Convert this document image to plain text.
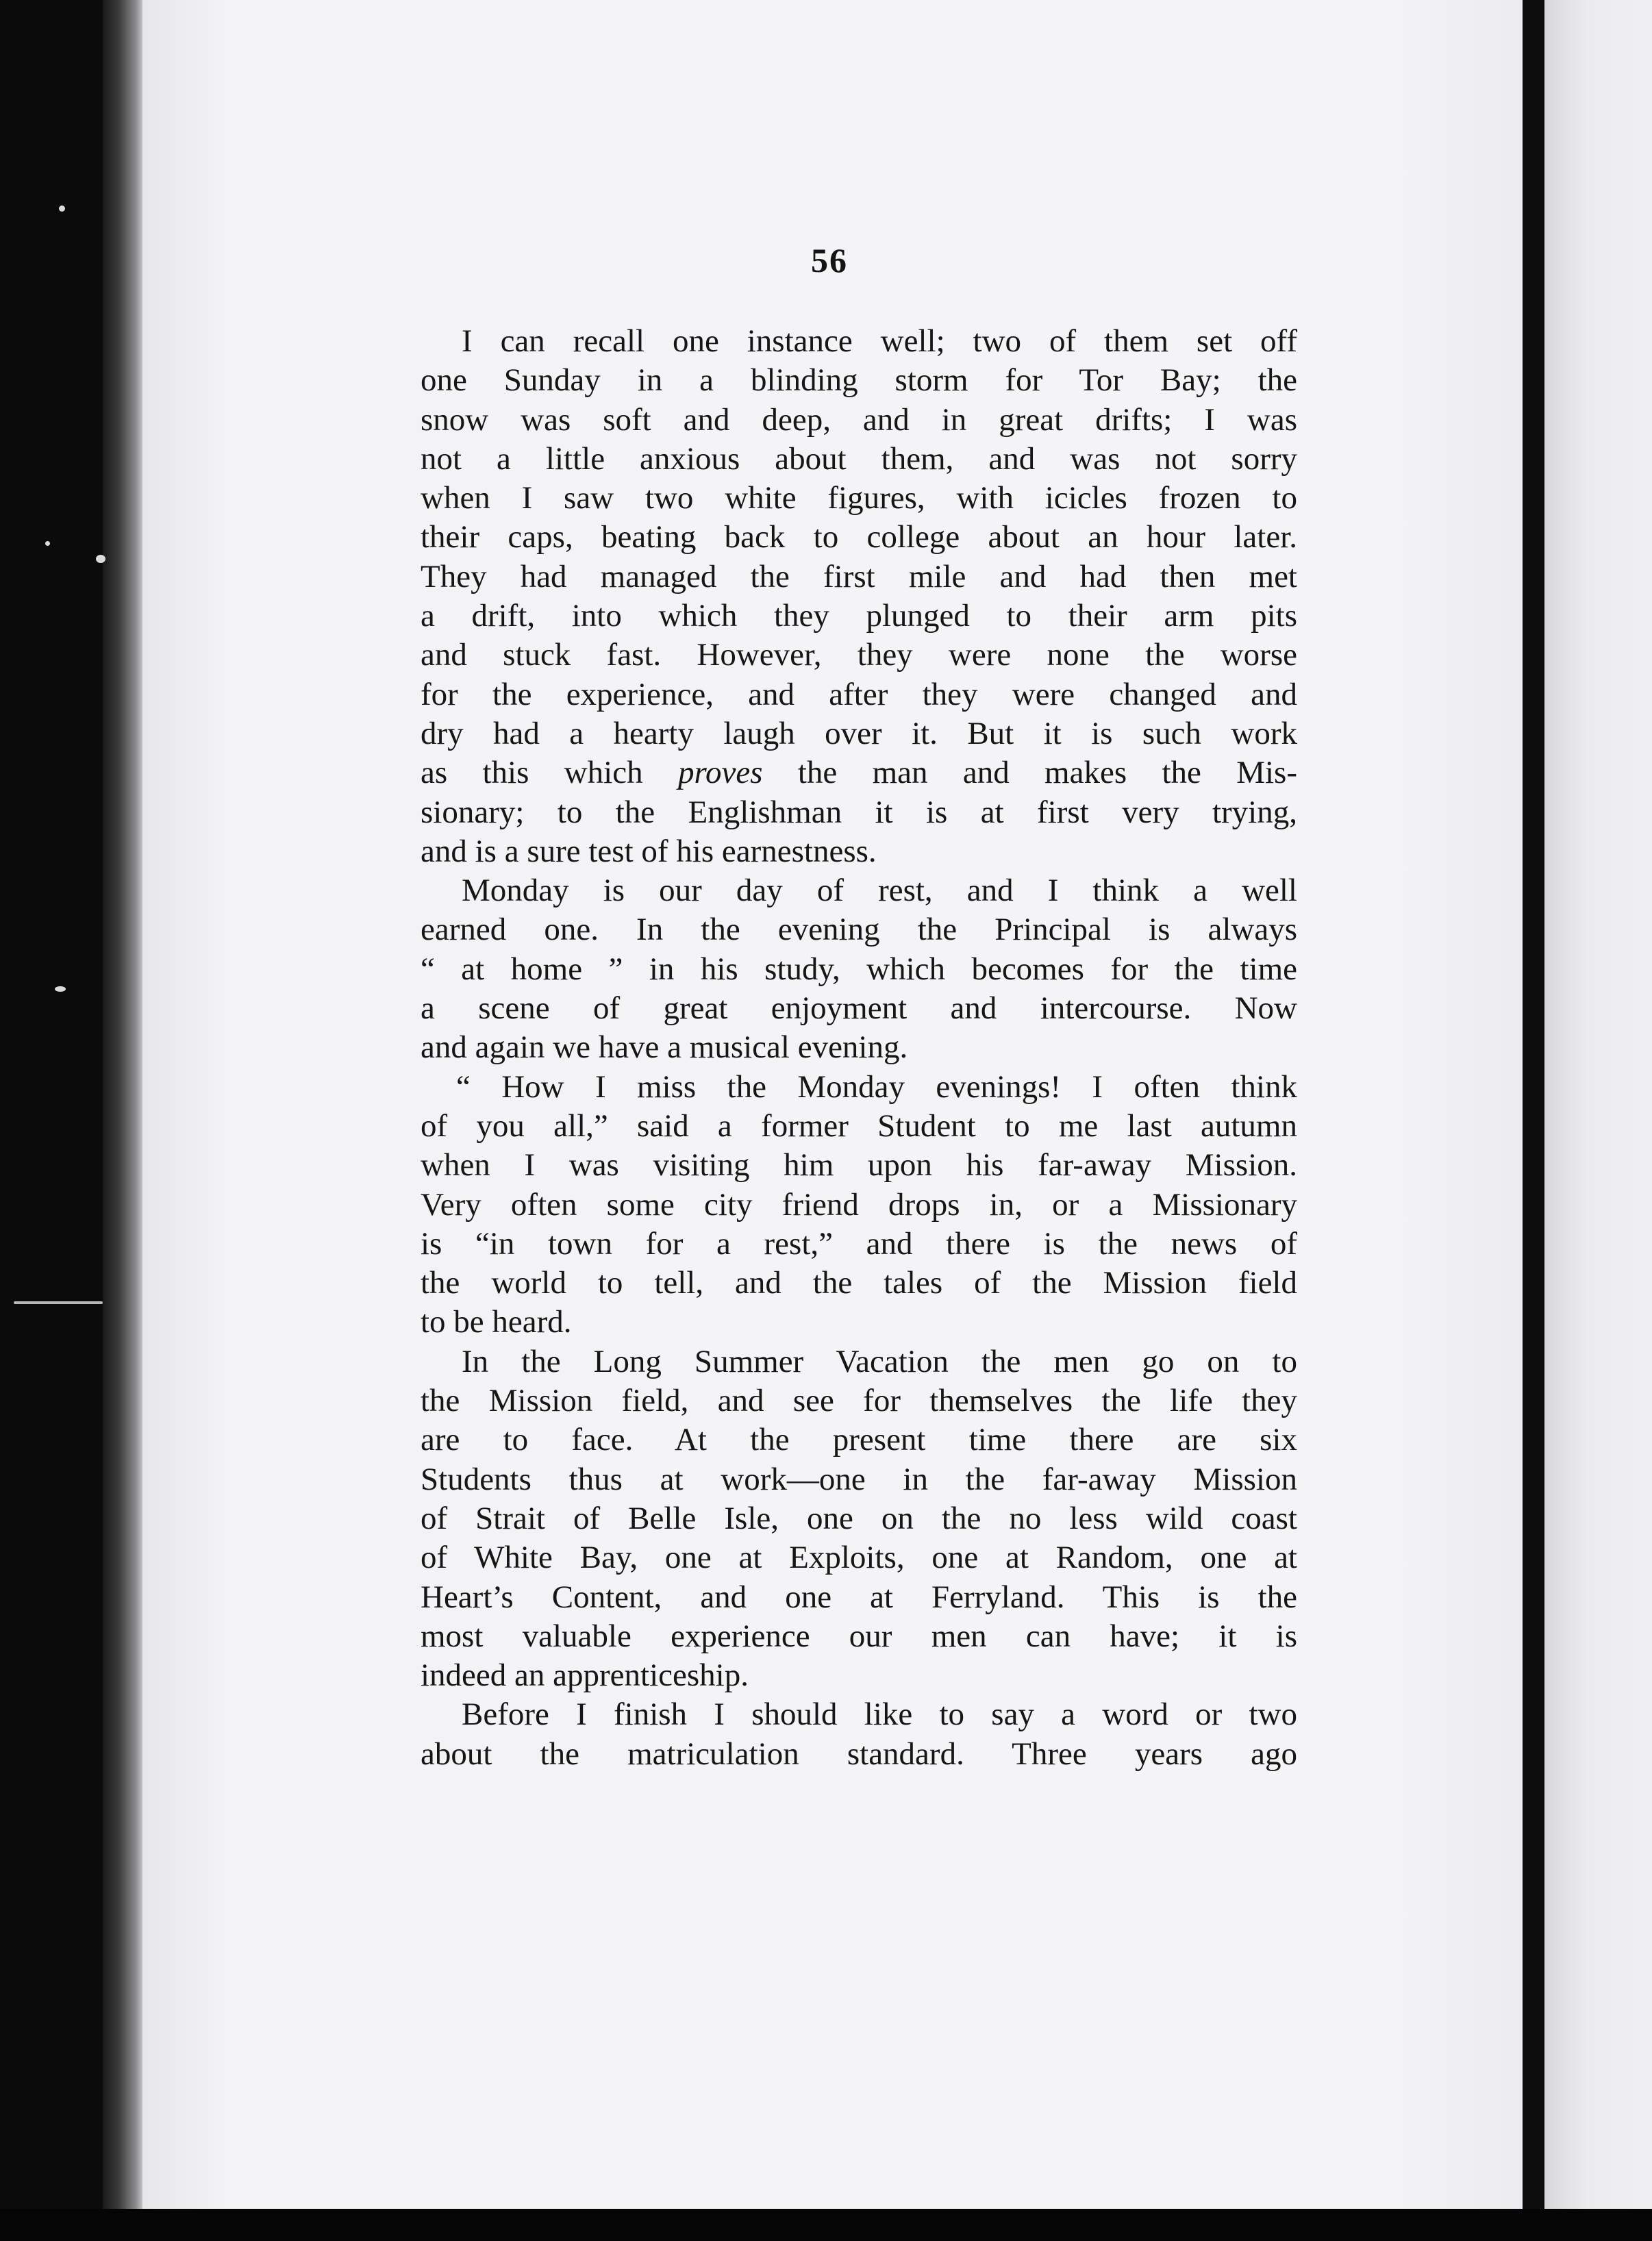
56

I can recall one instance well; two of them set off
one Sunday in a blinding storm for Tor Bay; the
snow was soft and deep, and in great drifts; I was
not a little anxious about them, and was not sorry
when I saw two white figures, with icicles frozen to
their caps, beating back to college about an hour later.
They had managed the first mile and had then met
a drift, into which they plunged to their arm pits
and stuck fast. However, they were none the worse
for the experience, and after they were changed and
dry had a hearty laugh over it. But it is such work
as this which proves the man and makes the Mis-
sionary; to the Englishman it is at first very trying,
and is a sure test of his earnestness.

Monday is our day of rest, and I think a well
earned one. In the evening the Principal is always
“ at home ” in his study, which becomes for the time
a scene of great enjoyment and intercourse. Now
and again we have a musical evening.

“ How I miss the Monday evenings! I often think
of you all,” said a former Student to me last autumn
when I was visiting him upon his far-away Mission.
Very often some city friend drops in, or a Missionary
is “in town for a rest,” and there is the news of
the world to tell, and the tales of the Mission field
to be heard.

In the Long Summer Vacation the men go on to
the Mission field, and see for themselves the life they
are to face. At the present time there are six
Students thus at work—one in the far-away Mission
of Strait of Belle Isle, one on the no less wild coast
of White Bay, one at Exploits, one at Random, one at
Heart’s Content, and one at Ferryland. This is the
most valuable experience our men can have; it is
indeed an apprenticeship.

Before I finish I should like to say a word or two
about the matriculation standard. Three years ago
